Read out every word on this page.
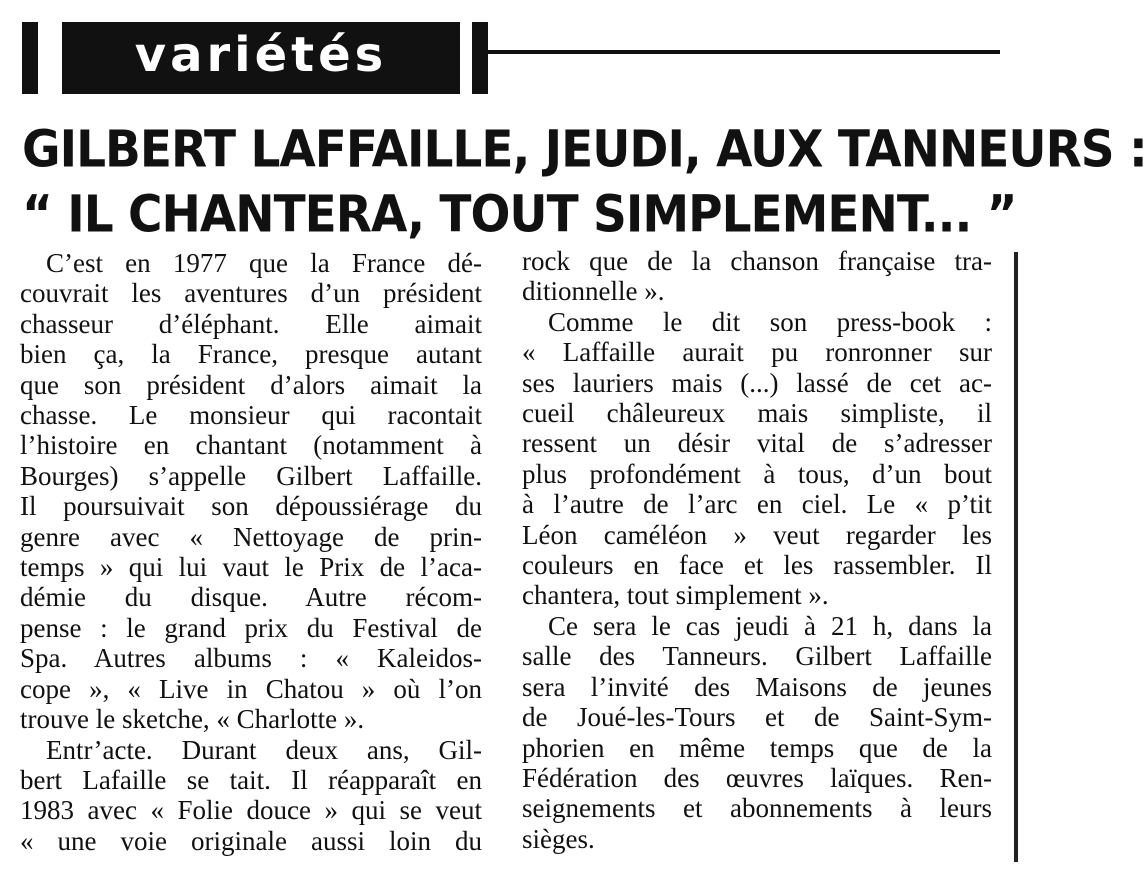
variétés
GILBERT LAFFAILLE, JEUDI, AUX TANNEURS :
“ IL CHANTERA, TOUT SIMPLEMENT... ”
C’est en 1977 que la France dé-
couvrait les aventures d’un président
chasseur d’éléphant. Elle aimait
bien ça, la France, presque autant
que son président d’alors aimait la
chasse. Le monsieur qui racontait
l’histoire en chantant (notamment à
Bourges) s’appelle Gilbert Laffaille.
Il poursuivait son dépoussiérage du
genre avec « Nettoyage de prin-
temps » qui lui vaut le Prix de l’aca-
démie du disque. Autre récom-
pense : le grand prix du Festival de
Spa. Autres albums : « Kaleidos-
cope », « Live in Chatou » où l’on
trouve le sketche, « Charlotte ».
Entr’acte. Durant deux ans, Gil-
bert Lafaille se tait. Il réapparaît en
1983 avec « Folie douce » qui se veut
« une voie originale aussi loin du
rock que de la chanson française tra-
ditionnelle ».
Comme le dit son press-book :
« Laffaille aurait pu ronronner sur
ses lauriers mais (...) lassé de cet ac-
cueil châleureux mais simpliste, il
ressent un désir vital de s’adresser
plus profondément à tous, d’un bout
à l’autre de l’arc en ciel. Le « p’tit
Léon caméléon » veut regarder les
couleurs en face et les rassembler. Il
chantera, tout simplement ».
Ce sera le cas jeudi à 21 h, dans la
salle des Tanneurs. Gilbert Laffaille
sera l’invité des Maisons de jeunes
de Joué-les-Tours et de Saint-Sym-
phorien en même temps que de la
Fédération des œuvres laïques. Ren-
seignements et abonnements à leurs
sièges.
